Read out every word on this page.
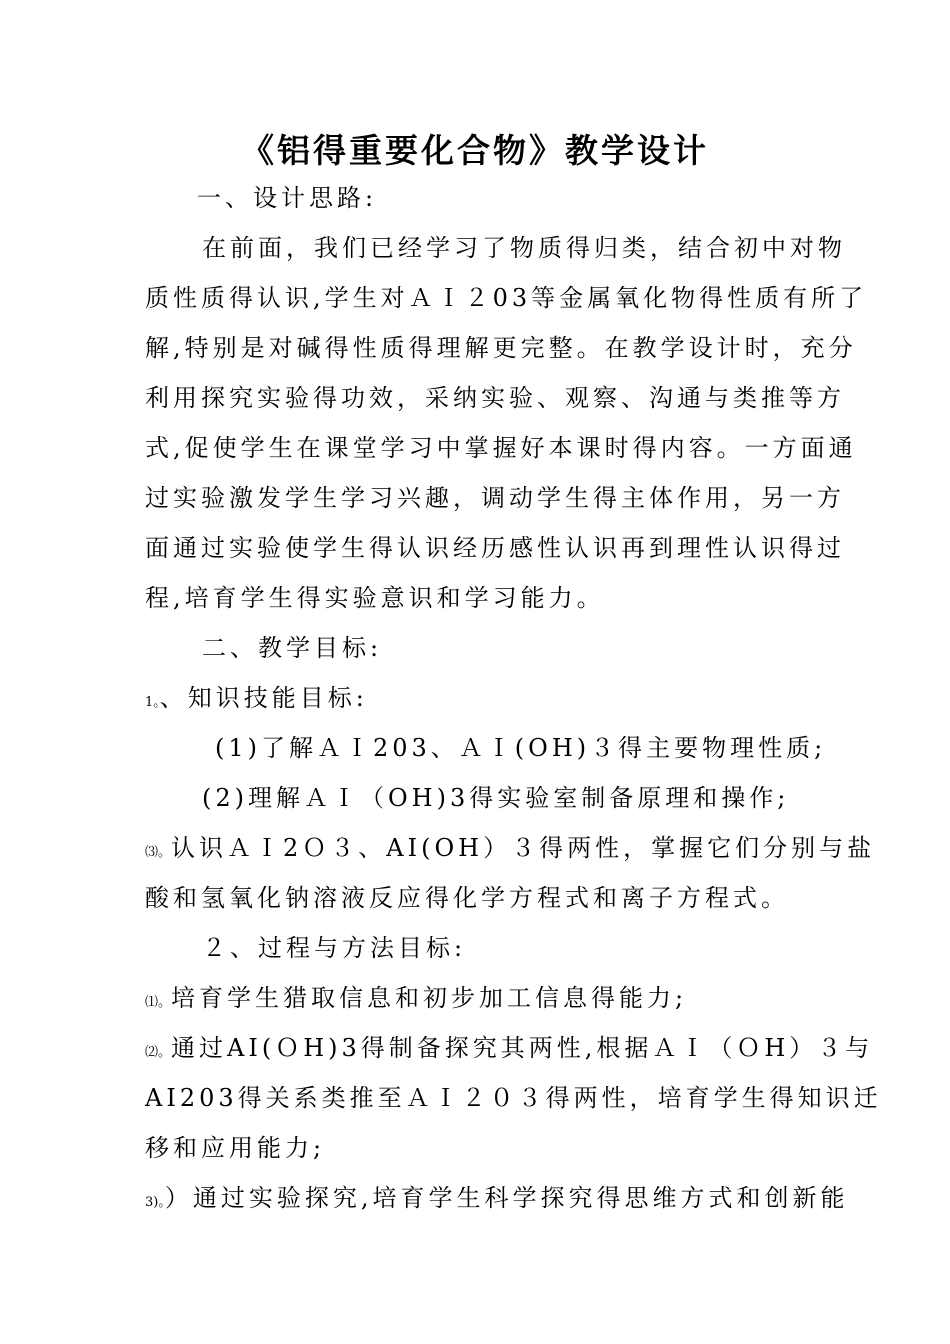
《铝得重要化合物》教学设计
一、设计思路:
在前面，我们已经学习了物质得归类，结合初中对物
质性质得认识,学生对ＡＩ２03等金属氧化物得性质有所了
解,特别是对碱得性质得理解更完整。在教学设计时，充分
利用探究实验得功效，采纳实验、观察、沟通与类推等方
式,促使学生在课堂学习中掌握好本课时得内容。一方面通
过实验激发学生学习兴趣，调动学生得主体作用，另一方
面通过实验使学生得认识经历感性认识再到理性认识得过
程,培育学生得实验意识和学习能力。
二、教学目标:
1。、知识技能目标:
(1)了解ＡＩ203、ＡＩ(OH)３得主要物理性质;
(2)理解ＡＩ（OH)3得实验室制备原理和操作;
⑶。认识ＡＩ2Ｏ３、AI(OH）３得两性，掌握它们分别与盐
酸和氢氧化钠溶液反应得化学方程式和离子方程式。
２、过程与方法目标:
⑴。培育学生猎取信息和初步加工信息得能力;
⑵。通过AI(ＯH)3得制备探究其两性,根据ＡＩ（ＯH）３与
AI203得关系类推至ＡＩ２０３得两性，培育学生得知识迁
移和应用能力;
3)。）通过实验探究,培育学生科学探究得思维方式和创新能
